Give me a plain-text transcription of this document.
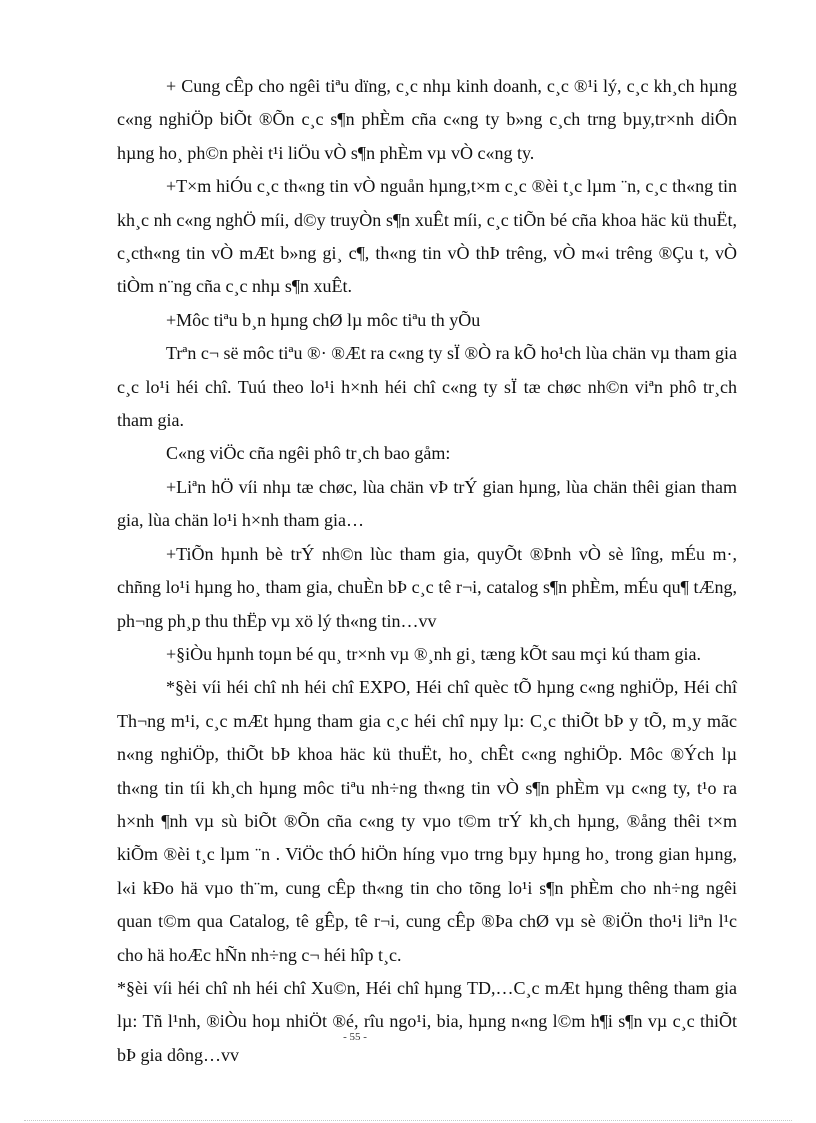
+ Cung cÊp cho ngêi tiªu dïng, c¸c nhµ kinh doanh, c¸c ®¹i lý, c¸c kh¸ch hµng c«ng nghiÖp biÕt ®Õn c¸c s¶n phÈm cña c«ng ty b»ng c¸ch trng bµy,tr×nh diÔn hµng ho¸ ph©n phèi t¹i liÖu vÒ s¶n phÈm vµ vÒ c«ng ty.

+T×m hiÓu c¸c th«ng tin vÒ nguån hµng,t×m c¸c ®èi t¸c lµm ¨n, c¸c th«ng tin kh¸c nh c«ng nghÖ míi, d©y truyÒn s¶n xuÊt míi, c¸c tiÕn bé cña khoa häc kü thuËt, c¸cth«ng tin vÒ mÆt b»ng gi¸ c¶, th«ng tin vÒ thÞ trêng, vÒ m«i trêng ®Çu t, vÒ tiÒm n¨ng cña c¸c nhµ s¶n xuÊt.

+Môc tiªu b¸n hµng chØ lµ môc tiªu th yÕu

Trªn c¬ së môc tiªu ®· ®Æt ra c«ng ty sÏ ®Ò ra kÕ ho¹ch lùa chän vµ tham gia c¸c lo¹i héi chî. Tuú theo lo¹i h×nh héi chî c«ng ty sÏ tæ chøc nh©n viªn phô tr¸ch tham gia.

C«ng viÖc cña ngêi phô tr¸ch bao gåm:

+Liªn hÖ víi nhµ tæ chøc, lùa chän vÞ trÝ gian hµng, lùa chän thêi gian tham gia, lùa chän lo¹i h×nh tham gia…

+TiÕn hµnh bè trÝ nh©n lùc tham gia, quyÕt ®Þnh vÒ sè lîng, mÉu m·, chñng lo¹i hµng ho¸ tham gia, chuÈn bÞ c¸c tê r¬i, catalog s¶n phÈm, mÉu qu¶ tÆng, ph¬ng ph¸p thu thËp vµ xö lý th«ng tin…vv

+§iÒu hµnh toµn bé qu¸ tr×nh vµ ®¸nh gi¸ tæng kÕt sau mçi kú tham gia.

*§èi víi héi chî nh héi chî EXPO, Héi chî quèc tÕ hµng c«ng nghiÖp, Héi chî Th¬ng m¹i, c¸c mÆt hµng tham gia c¸c héi chî nµy lµ: C¸c thiÕt bÞ y tÕ, m¸y mãc n«ng nghiÖp, thiÕt bÞ khoa häc kü thuËt, ho¸ chÊt c«ng nghiÖp. Môc ®Ých lµ th«ng tin tíi kh¸ch hµng môc tiªu nh÷ng th«ng tin vÒ s¶n phÈm vµ c«ng ty, t¹o ra h×nh ¶nh vµ sù biÕt ®Õn cña c«ng ty vµo t©m trÝ kh¸ch hµng, ®ång thêi t×m kiÕm ®èi t¸c lµm ¨n . ViÖc thÓ hiÖn híng vµo trng bµy hµng ho¸ trong gian hµng, l«i kÐo hä vµo th¨m, cung cÊp th«ng tin cho tõng lo¹i s¶n phÈm cho nh÷ng ngêi quan t©m qua Catalog, tê gÊp, tê r¬i, cung cÊp ®Þa chØ vµ sè ®iÖn tho¹i liªn l¹c cho hä hoÆc hÑn nh÷ng c¬ héi hîp t¸c.

*§èi víi héi chî nh héi chî Xu©n, Héi chî hµng TD,…C¸c mÆt hµng thêng tham gia lµ: Tñ l¹nh, ®iÒu hoµ nhiÖt ®é, rîu ngo¹i, bia, hµng n«ng l©m h¶i s¶n vµ c¸c thiÕt bÞ gia dông…vv

- 55 -
